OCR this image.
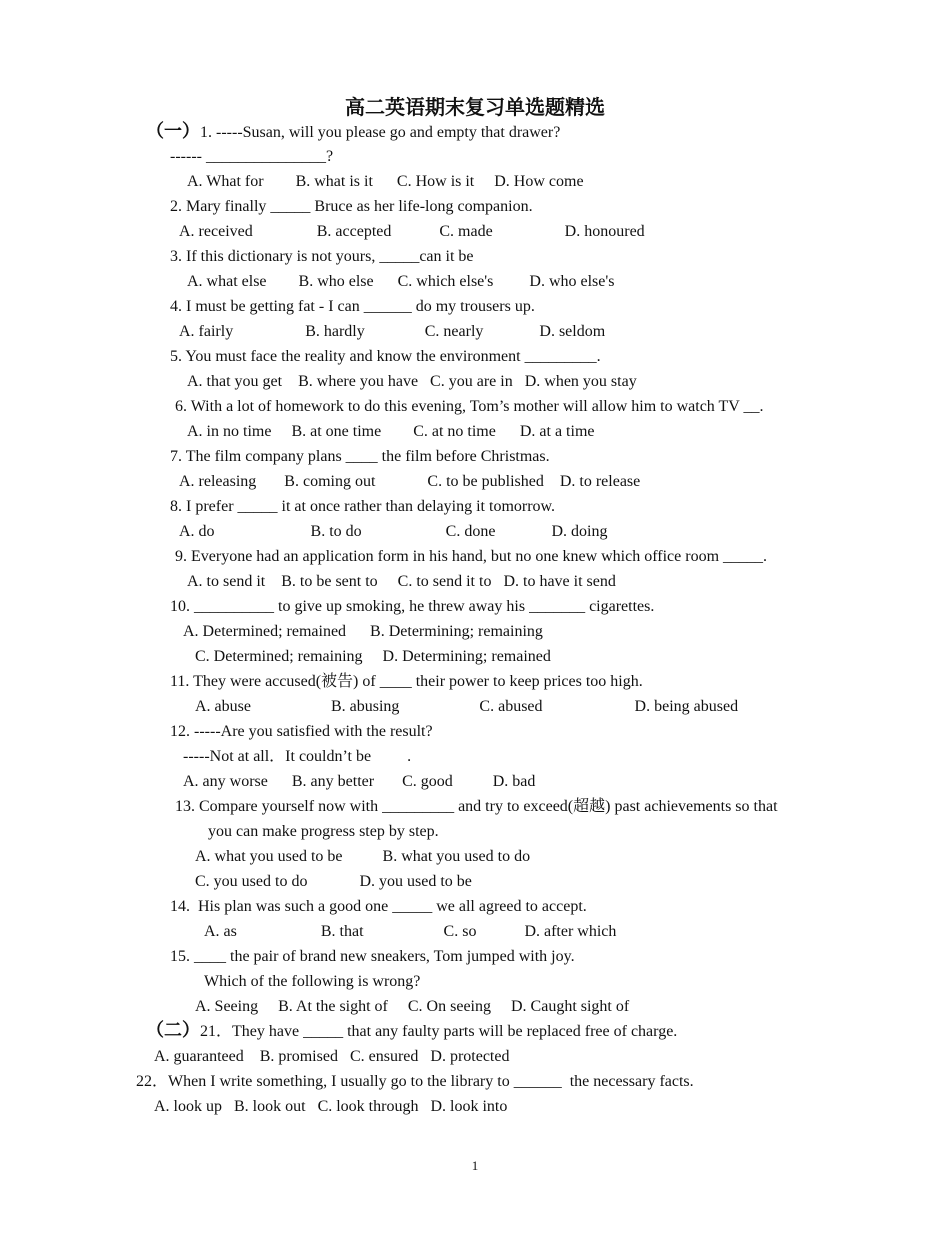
高二英语期末复习单选题精选
（一）1. -----Susan, will you please go and empty that drawer?
------ _______________?
A. What for        B. what is it      C. How is it     D. How come
2. Mary finally _____ Bruce as her life-long companion.
A. received                B. accepted            C. made                  D. honoured
3. If this dictionary is not yours, _____can it be
A. what else        B. who else      C. which else's         D. who else's
4. I must be getting fat - I can ______ do my trousers up.
A. fairly                  B. hardly               C. nearly              D. seldom
5. You must face the reality and know the environment _________.
A. that you get    B. where you have   C. you are in   D. when you stay
6. With a lot of homework to do this evening, Tom’s mother will allow him to watch TV __.
A. in no time     B. at one time        C. at no time      D. at a time
7. The film company plans ____ the film before Christmas.
A. releasing       B. coming out             C. to be published    D. to release
8. I prefer _____ it at once rather than delaying it tomorrow.
A. do                        B. to do                     C. done              D. doing
9. Everyone had an application form in his hand, but no one knew which office room _____.
A. to send it    B. to be sent to     C. to send it to   D. to have it send
10. __________ to give up smoking, he threw away his _______ cigarettes.
A. Determined; remained      B. Determining; remaining
C. Determined; remaining     D. Determining; remained
11. They were accused(被告) of ____ their power to keep prices too high.
A. abuse                    B. abusing                    C. abused                       D. being abused
12. -----Are you satisfied with the result?
-----Not at all．It couldn’t be         .
A. any worse      B. any better       C. good          D. bad
13. Compare yourself now with _________ and try to exceed(超越) past achievements so that
you can make progress step by step.
A. what you used to be          B. what you used to do
C. you used to do             D. you used to be
14.  His plan was such a good one _____ we all agreed to accept.
A. as                     B. that                    C. so            D. after which
15. ____ the pair of brand new sneakers, Tom jumped with joy.
Which of the following is wrong?
A. Seeing     B. At the sight of     C. On seeing     D. Caught sight of
（二）21．They have _____ that any faulty parts will be replaced free of charge.
A. guaranteed    B. promised   C. ensured   D. protected
22．When I write something, I usually go to the library to ______  the necessary facts.
A. look up   B. look out   C. look through   D. look into
1
